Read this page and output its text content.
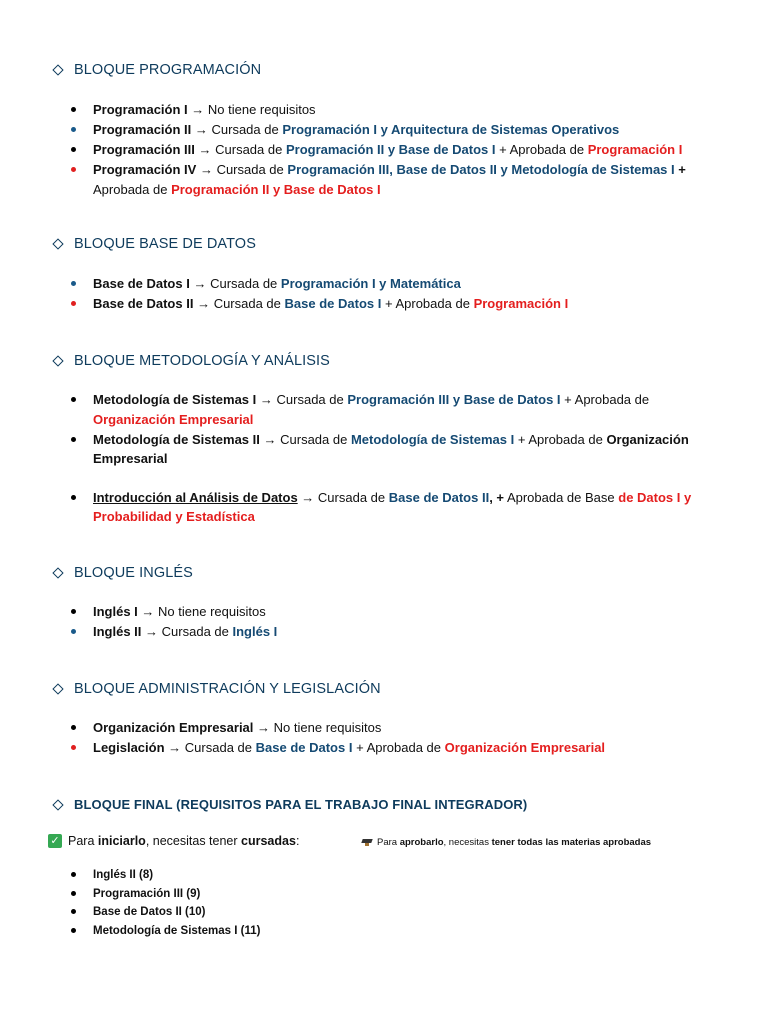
BLOQUE PROGRAMACIÓN
Programación I → No tiene requisitos
Programación II → Cursada de Programación I y Arquitectura de Sistemas Operativos
Programación III → Cursada de Programación II y Base de Datos I + Aprobada de Programación I
Programación IV → Cursada de Programación III, Base de Datos II y Metodología de Sistemas I +
Aprobada de Programación II y Base de Datos I
BLOQUE BASE DE DATOS
Base de Datos I → Cursada de Programación I y Matemática
Base de Datos II → Cursada de Base de Datos I + Aprobada de Programación I
BLOQUE METODOLOGÍA Y ANÁLISIS
Metodología de Sistemas I → Cursada de Programación III y Base de Datos I + Aprobada de
Organización Empresarial
Metodología de Sistemas II → Cursada de Metodología de Sistemas I + Aprobada de Organización Empresarial
Introducción al Análisis de Datos → Cursada de Base de Datos II, + Aprobada de Base de Datos I y Probabilidad y Estadística
BLOQUE INGLÉS
Inglés I → No tiene requisitos
Inglés II → Cursada de Inglés I
BLOQUE ADMINISTRACIÓN Y LEGISLACIÓN
Organización Empresarial → No tiene requisitos
Legislación → Cursada de Base de Datos I + Aprobada de Organización Empresarial
BLOQUE FINAL (REQUISITOS PARA EL TRABAJO FINAL INTEGRADOR)
✓ Para
iniciarlo , necesitas tener
cursadas :	Para
aprobarlo , necesitas
tener todas las materias aprobadas
Inglés II (8)
Programación III (9)
Base de Datos II (10)
Metodología de Sistemas I (11)
